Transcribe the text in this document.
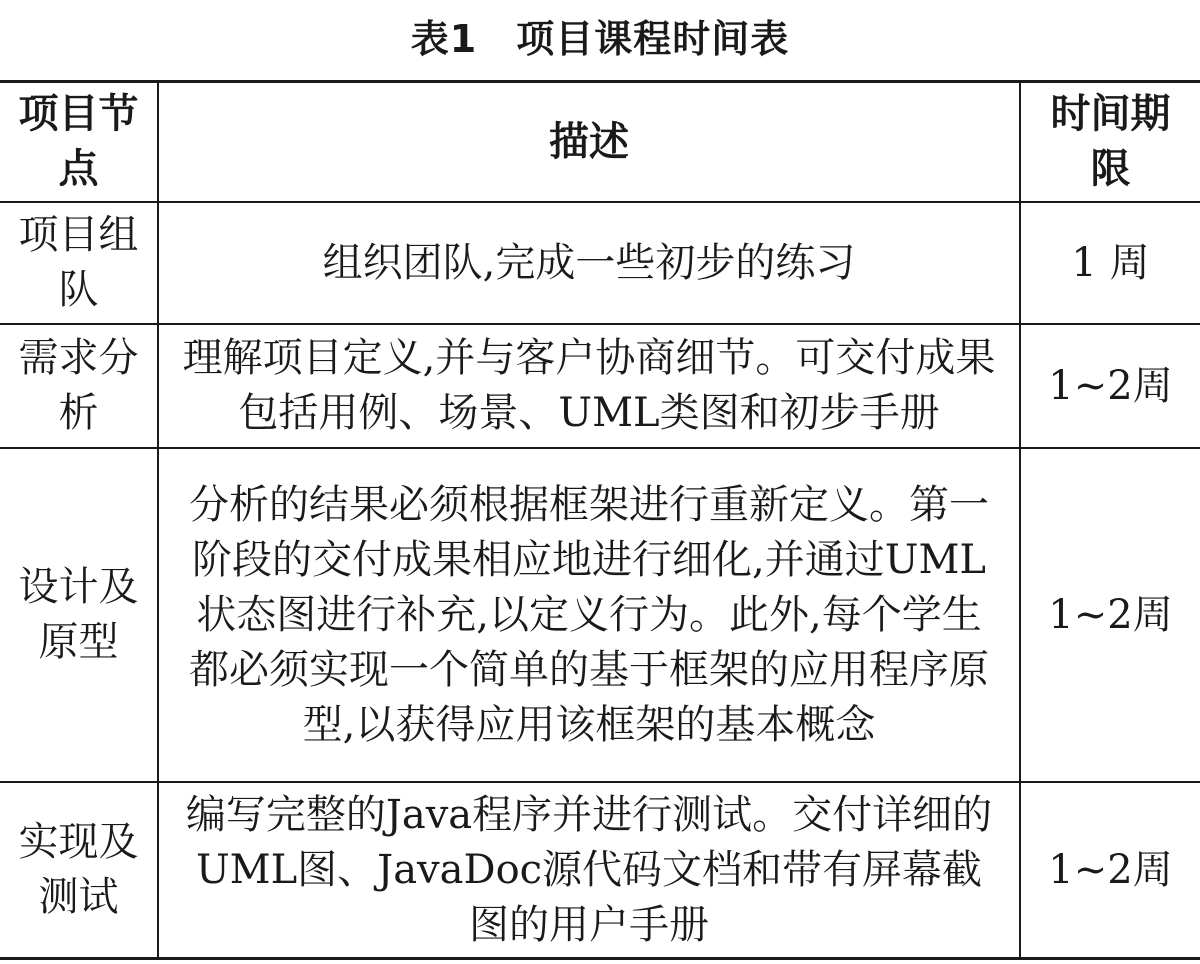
表1　项目课程时间表
项目节点	描述	时间期限
项目组队	组织团队,完成一些初步的练习	1 周
需求分析	理解项目定义,并与客户协商细节。可交付成果包括用例、场景、UML类图和初步手册	1~2周
设计及原型	分析的结果必须根据框架进行重新定义。第一阶段的交付成果相应地进行细化,并通过UML状态图进行补充,以定义行为。此外,每个学生都必须实现一个简单的基于框架的应用程序原型,以获得应用该框架的基本概念	1~2周
实现及测试	编写完整的Java程序并进行测试。交付详细的UML图、JavaDoc源代码文档和带有屏幕截图的用户手册	1~2周
